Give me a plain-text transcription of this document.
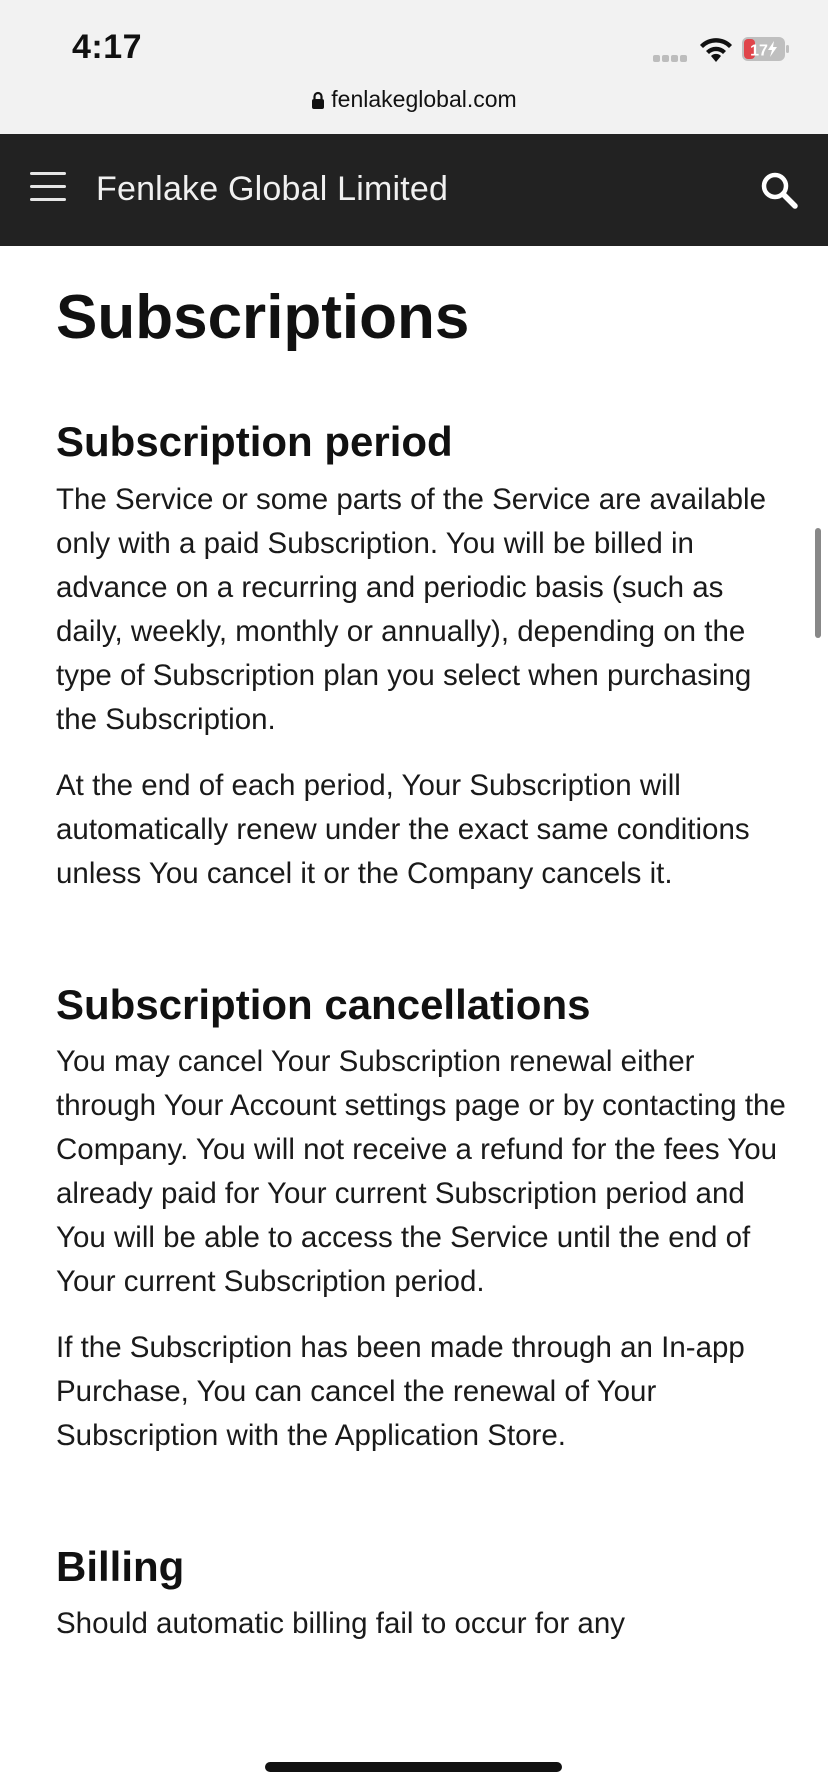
4:17	17
fenlakeglobal.com
Fenlake Global Limited
Subscriptions
Subscription period

The Service or some parts of the Service are available only with a paid Subscription. You will be billed in advance on a recurring and periodic basis (such as daily, weekly, monthly or annually), depending on the type of Subscription plan you select when purchasing the Subscription.

At the end of each period, Your Subscription will automatically renew under the exact same conditions unless You cancel it or the Company cancels it.

Subscription cancellations

You may cancel Your Subscription renewal either through Your Account settings page or by contacting the Company. You will not receive a refund for the fees You already paid for Your current Subscription period and You will be able to access the Service until the end of Your current Subscription period.

If the Subscription has been made through an In-app Purchase, You can cancel the renewal of Your Subscription with the Application Store.

Billing

Should automatic billing fail to occur for any
